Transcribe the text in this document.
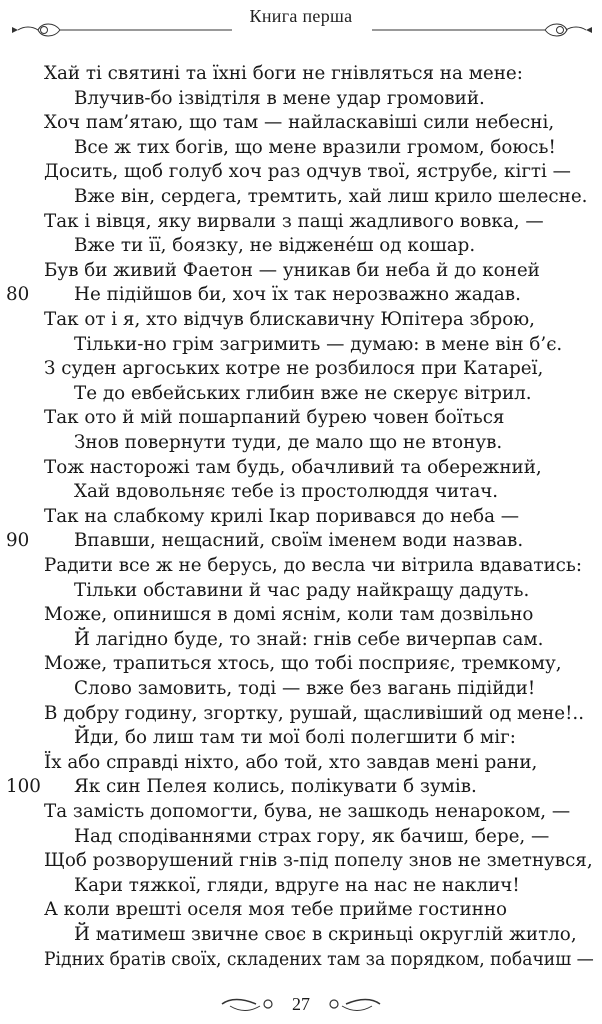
Книга перша
Хай ті святині та їхні боги не гнівляться на мене:
Влучив-бо ізвідтіля в мене удар громовий.
Хоч пам’ятаю, що там — найласкавіші сили небесні,
Все ж тих богів, що мене вразили громом, боюсь!
Досить, щоб голуб хоч раз одчув твої, яструбе, кігті —
Вже він, сердега, тремтить, хай лиш крило шелесне.
Так і вівця, яку вирвали з пащі жадливого вовка, —
Вже ти її, боязку, не віджене́ш од кошар.
Був би живий Фаетон — уникав би неба й до коней
80 Не підійшов би, хоч їх так нерозважно жадав.
Так от і я, хто відчув блискавичну Юпітера зброю,
Тільки-но грім загримить — думаю: в мене він б’є.
З суден аргоських котре не розбилося при Катареї,
Те до евбейських глибин вже не скерує вітрил.
Так ото й мій пошарпаний бурею човен боїться
Знов повернути туди, де мало що не втонув.
Тож насторожі там будь, обачливий та обережний,
Хай вдовольняє тебе із простолюддя читач.
Так на слабкому крилі Ікар поривався до неба —
90 Впавши, нещасний, своїм іменем води назвав.
Радити все ж не берусь, до весла чи вітрила вдаватись:
Тільки обставини й час раду найкращу дадуть.
Може, опинишся в домі яснім, коли там дозвільно
Й лагідно буде, то знай: гнів себе вичерпав сам.
Може, трапиться хтось, що тобі посприяє, тремкому,
Слово замовить, тоді — вже без вагань підійди!
В добру годину, згортку, рушай, щасливіший од мене!..
Йди, бо лиш там ти мої болі полегшити б міг:
Їх або справді ніхто, або той, хто завдав мені рани,
100 Як син Пелея колись, полікувати б зумів.
Та замість допомогти, бува, не зашкодь ненароком, —
Над сподіваннями страх гору, як бачиш, бере, —
Щоб розворушений гнів з-під попелу знов не зметнувся,
Кари тяжкої, гляди, вдруге на нас не наклич!
А коли врешті оселя моя тебе прийме гостинно
Й матимеш звичне своє в скриньці округлій житло,
Рідних братів своїх, складених там за порядком, побачиш —
27
